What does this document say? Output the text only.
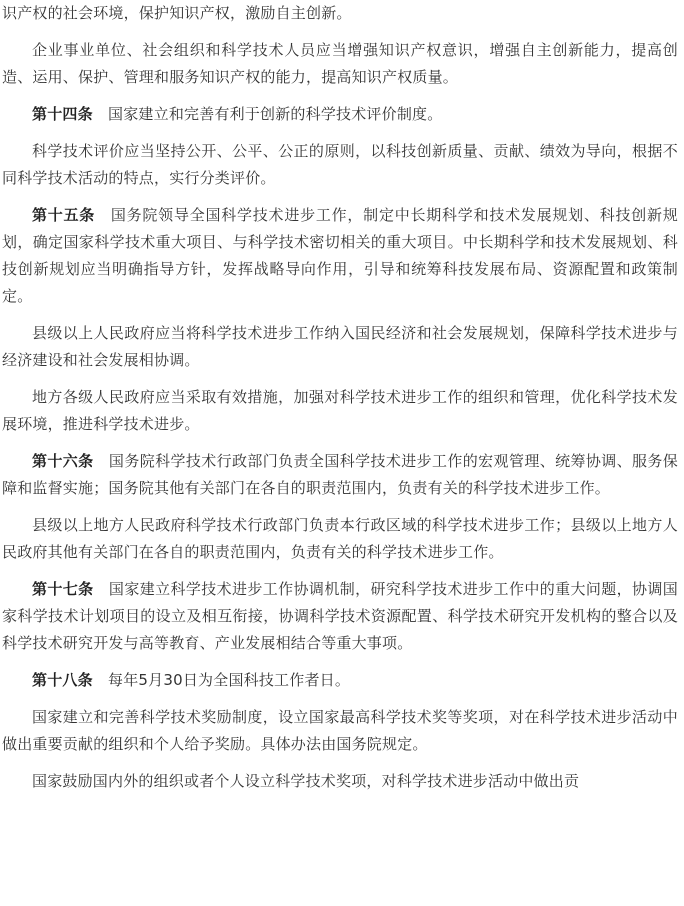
识产权的社会环境，保护知识产权，激励自主创新。

企业事业单位、社会组织和科学技术人员应当增强知识产权意识，增强自主创新能力，提高创造、运用、保护、管理和服务知识产权的能力，提高知识产权质量。

第十四条　国家建立和完善有利于创新的科学技术评价制度。

科学技术评价应当坚持公开、公平、公正的原则，以科技创新质量、贡献、绩效为导向，根据不同科学技术活动的特点，实行分类评价。

第十五条　国务院领导全国科学技术进步工作，制定中长期科学和技术发展规划、科技创新规划，确定国家科学技术重大项目、与科学技术密切相关的重大项目。中长期科学和技术发展规划、科技创新规划应当明确指导方针，发挥战略导向作用，引导和统筹科技发展布局、资源配置和政策制定。

县级以上人民政府应当将科学技术进步工作纳入国民经济和社会发展规划，保障科学技术进步与经济建设和社会发展相协调。

地方各级人民政府应当采取有效措施，加强对科学技术进步工作的组织和管理，优化科学技术发展环境，推进科学技术进步。

第十六条　国务院科学技术行政部门负责全国科学技术进步工作的宏观管理、统筹协调、服务保障和监督实施；国务院其他有关部门在各自的职责范围内，负责有关的科学技术进步工作。

县级以上地方人民政府科学技术行政部门负责本行政区域的科学技术进步工作；县级以上地方人民政府其他有关部门在各自的职责范围内，负责有关的科学技术进步工作。

第十七条　国家建立科学技术进步工作协调机制，研究科学技术进步工作中的重大问题，协调国家科学技术计划项目的设立及相互衔接，协调科学技术资源配置、科学技术研究开发机构的整合以及科学技术研究开发与高等教育、产业发展相结合等重大事项。

第十八条　每年5月30日为全国科技工作者日。

国家建立和完善科学技术奖励制度，设立国家最高科学技术奖等奖项，对在科学技术进步活动中做出重要贡献的组织和个人给予奖励。具体办法由国务院规定。

国家鼓励国内外的组织或者个人设立科学技术奖项，对科学技术进步活动中做出贡
